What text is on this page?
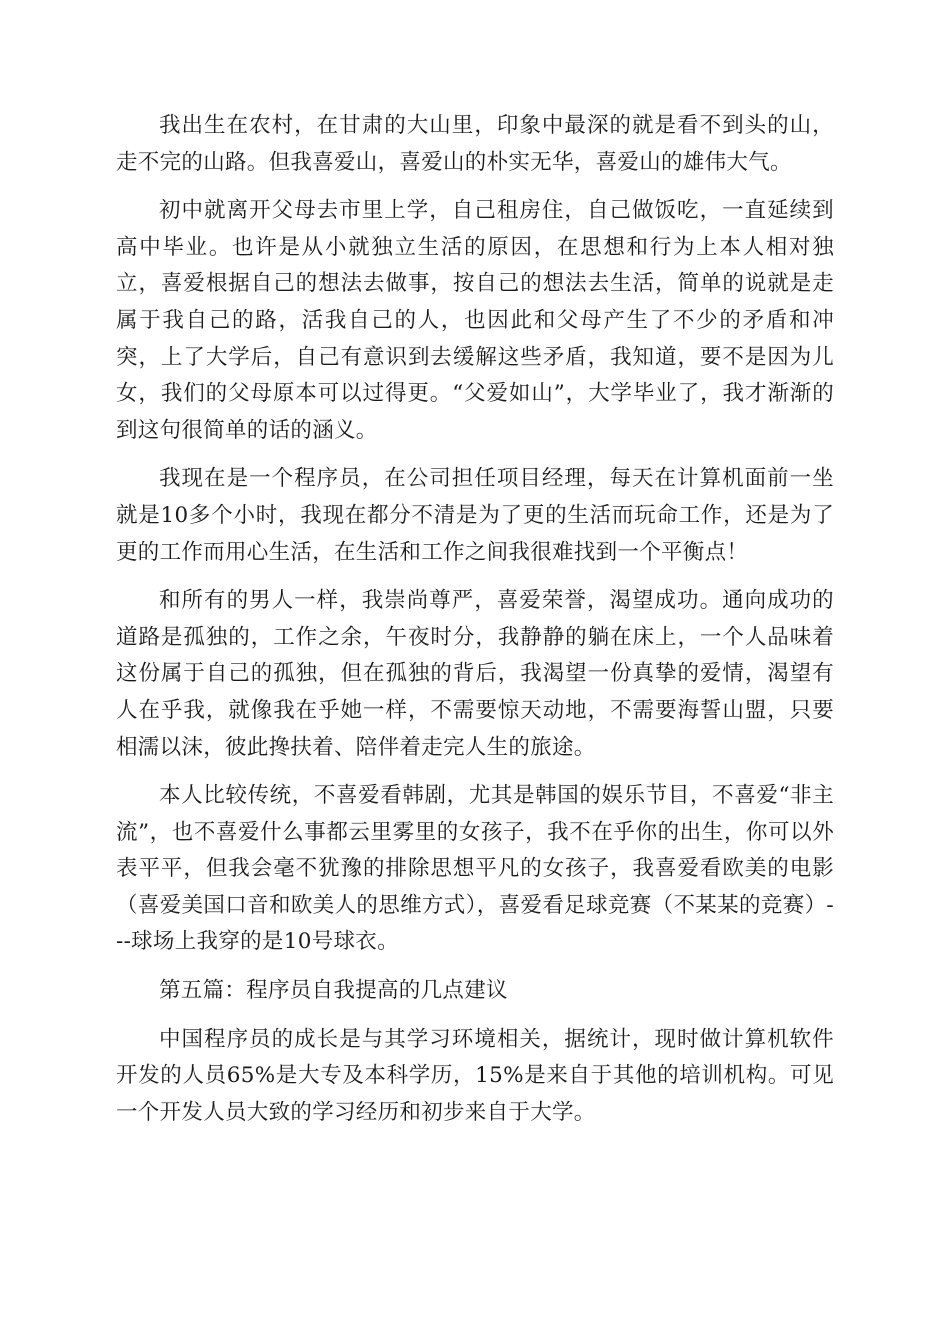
我出生在农村，在甘肃的大山里，印象中最深的就是看不到头的山，走不完的山路。但我喜爱山，喜爱山的朴实无华，喜爱山的雄伟大气。

初中就离开父母去市里上学，自己租房住，自己做饭吃，一直延续到高中毕业。也许是从小就独立生活的原因，在思想和行为上本人相对独立，喜爱根据自己的想法去做事，按自己的想法去生活，简单的说就是走属于我自己的路，活我自己的人，也因此和父母产生了不少的矛盾和冲突，上了大学后，自己有意识到去缓解这些矛盾，我知道，要不是因为儿女，我们的父母原本可以过得更。“父爱如山”，大学毕业了，我才渐渐的到这句很简单的话的涵义。

我现在是一个程序员，在公司担任项目经理，每天在计算机面前一坐就是10多个小时，我现在都分不清是为了更的生活而玩命工作，还是为了更的工作而用心生活，在生活和工作之间我很难找到一个平衡点！

和所有的男人一样，我崇尚尊严，喜爱荣誉，渴望成功。通向成功的道路是孤独的，工作之余，午夜时分，我静静的躺在床上，一个人品味着这份属于自己的孤独，但在孤独的背后，我渴望一份真挚的爱情，渴望有人在乎我，就像我在乎她一样，不需要惊天动地，不需要海誓山盟，只要相濡以沫，彼此搀扶着、陪伴着走完人生的旅途。

本人比较传统，不喜爱看韩剧，尤其是韩国的娱乐节目，不喜爱“非主流”，也不喜爱什么事都云里雾里的女孩子，我不在乎你的出生，你可以外表平平，但我会毫不犹豫的排除思想平凡的女孩子，我喜爱看欧美的电影（喜爱美国口音和欧美人的思维方式），喜爱看足球竞赛（不某某的竞赛）---球场上我穿的是10号球衣。

第五篇：程序员自我提高的几点建议

中国程序员的成长是与其学习环境相关，据统计，现时做计算机软件开发的人员65%是大专及本科学历，15%是来自于其他的培训机构。可见一个开发人员大致的学习经历和初步来自于大学。
